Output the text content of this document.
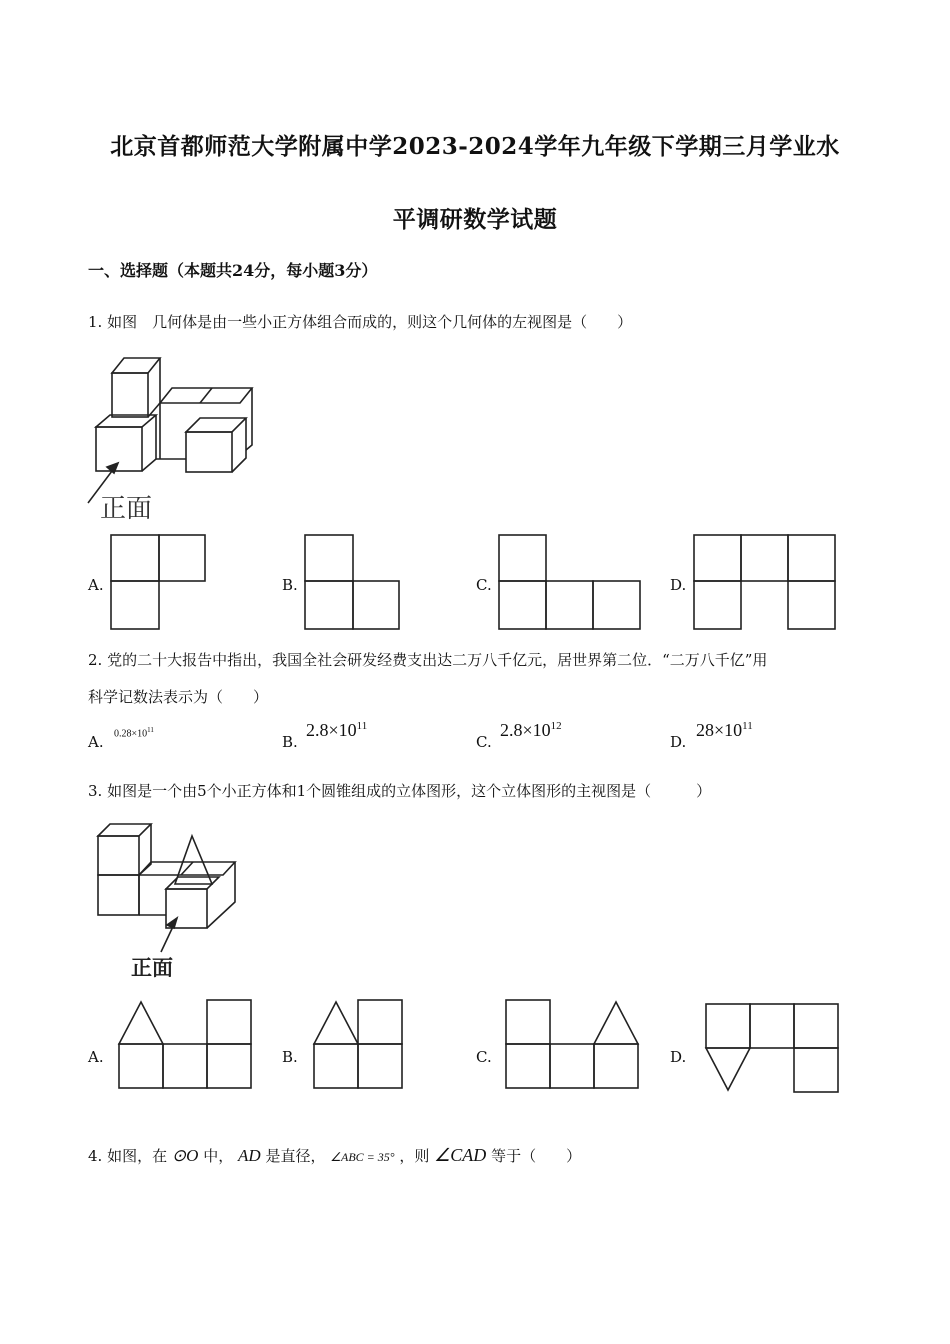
北京首都师范大学附属中学2023-2024学年九年级下学期三月学业水
平调研数学试题
一、选择题（本题共24分，每小题3分）
1. 如图　几何体是由一些小正方体组合而成的，则这个几何体的左视图是（　　）
正面
A.	B.	C.	D.
2. 党的二十大报告中指出，我国全社会研发经费支出达二万八千亿元，居世界第二位．“二万八千亿”用
科学记数法表示为（　　）
A. $0.28\times 10^{11}$
B.
$2.8\times 10^{11}$
C.
$2.8\times 10^{12}$
D.
$28\times 10^{11}$
3. 如图是一个由5个小正方体和1个圆锥组成的立体图形，这个立体图形的主视图是（　　　）
正面
A.	B.	C.	D.
4. 如图，在 ⊙O 中， AD 是直径， ∠ABC = 35° ，则 ∠CAD 等于（　　）
